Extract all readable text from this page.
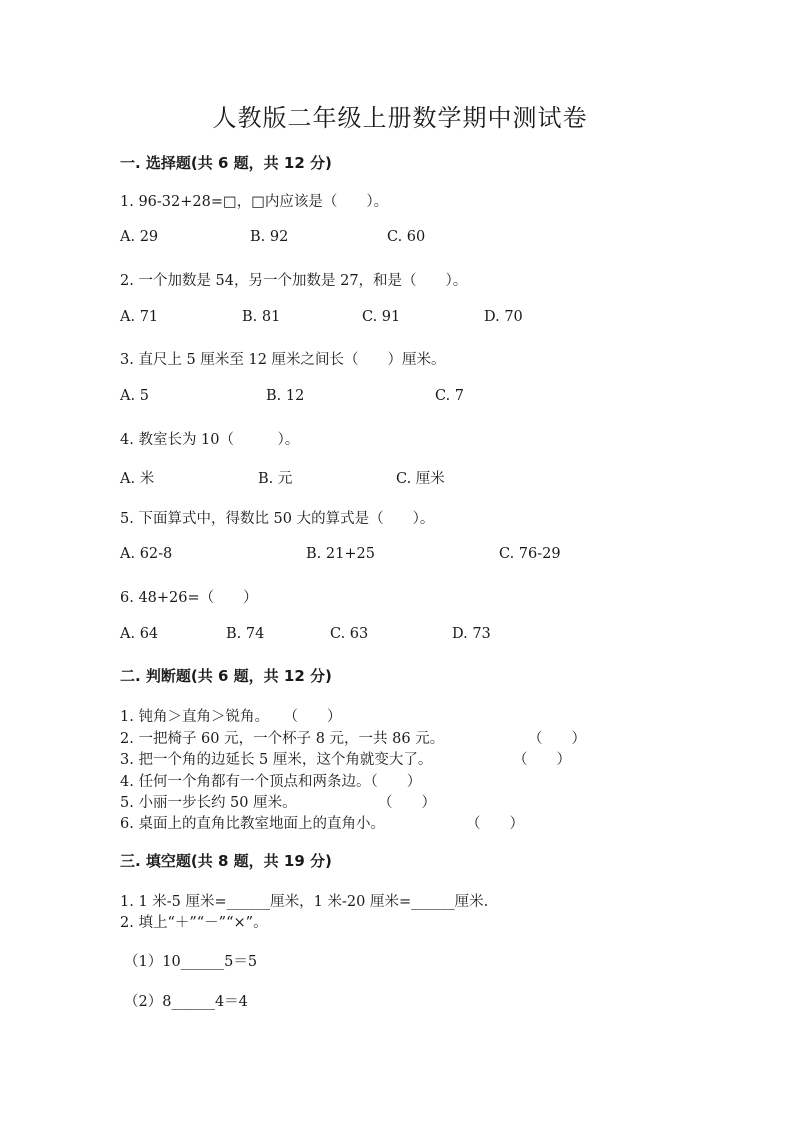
人教版二年级上册数学期中测试卷
一. 选择题(共 6 题，共 12 分)
1. 96-32+28=□，□内应该是（　　）。
A. 29	B. 92	C. 60
2. 一个加数是 54，另一个加数是 27，和是（　　）。
A. 71	B. 81	C. 91	D. 70
3. 直尺上 5 厘米至 12 厘米之间长（　　）厘米。
A. 5	B. 12	C. 7
4. 教室长为 10（　　　）。
A. 米	B. 元	C. 厘米
5. 下面算式中，得数比 50 大的算式是（　　）。
A. 62-8	B. 21+25	C. 76-29
6. 48+26=（　　）
A. 64	B. 74	C. 63	D. 73
二. 判断题(共 6 题，共 12 分)
1. 钝角＞直角＞锐角。　　（　　）
2. 一把椅子 60 元，一个杯子 8 元，一共 86 元。	（　　）
3. 把一个角的边延长 5 厘米，这个角就变大了。	（　　）
4. 任何一个角都有一个顶点和两条边。（　　）
5. 小丽一步长约 50 厘米。	（　　）
6. 桌面上的直角比教室地面上的直角小。	（　　）
三. 填空题(共 8 题，共 19 分)
1. 1 米-5 厘米=______厘米，1 米-20 厘米=______厘米.
2. 填上“＋”“－”“×”。
（1）10______5＝5
（2）8______4＝4
